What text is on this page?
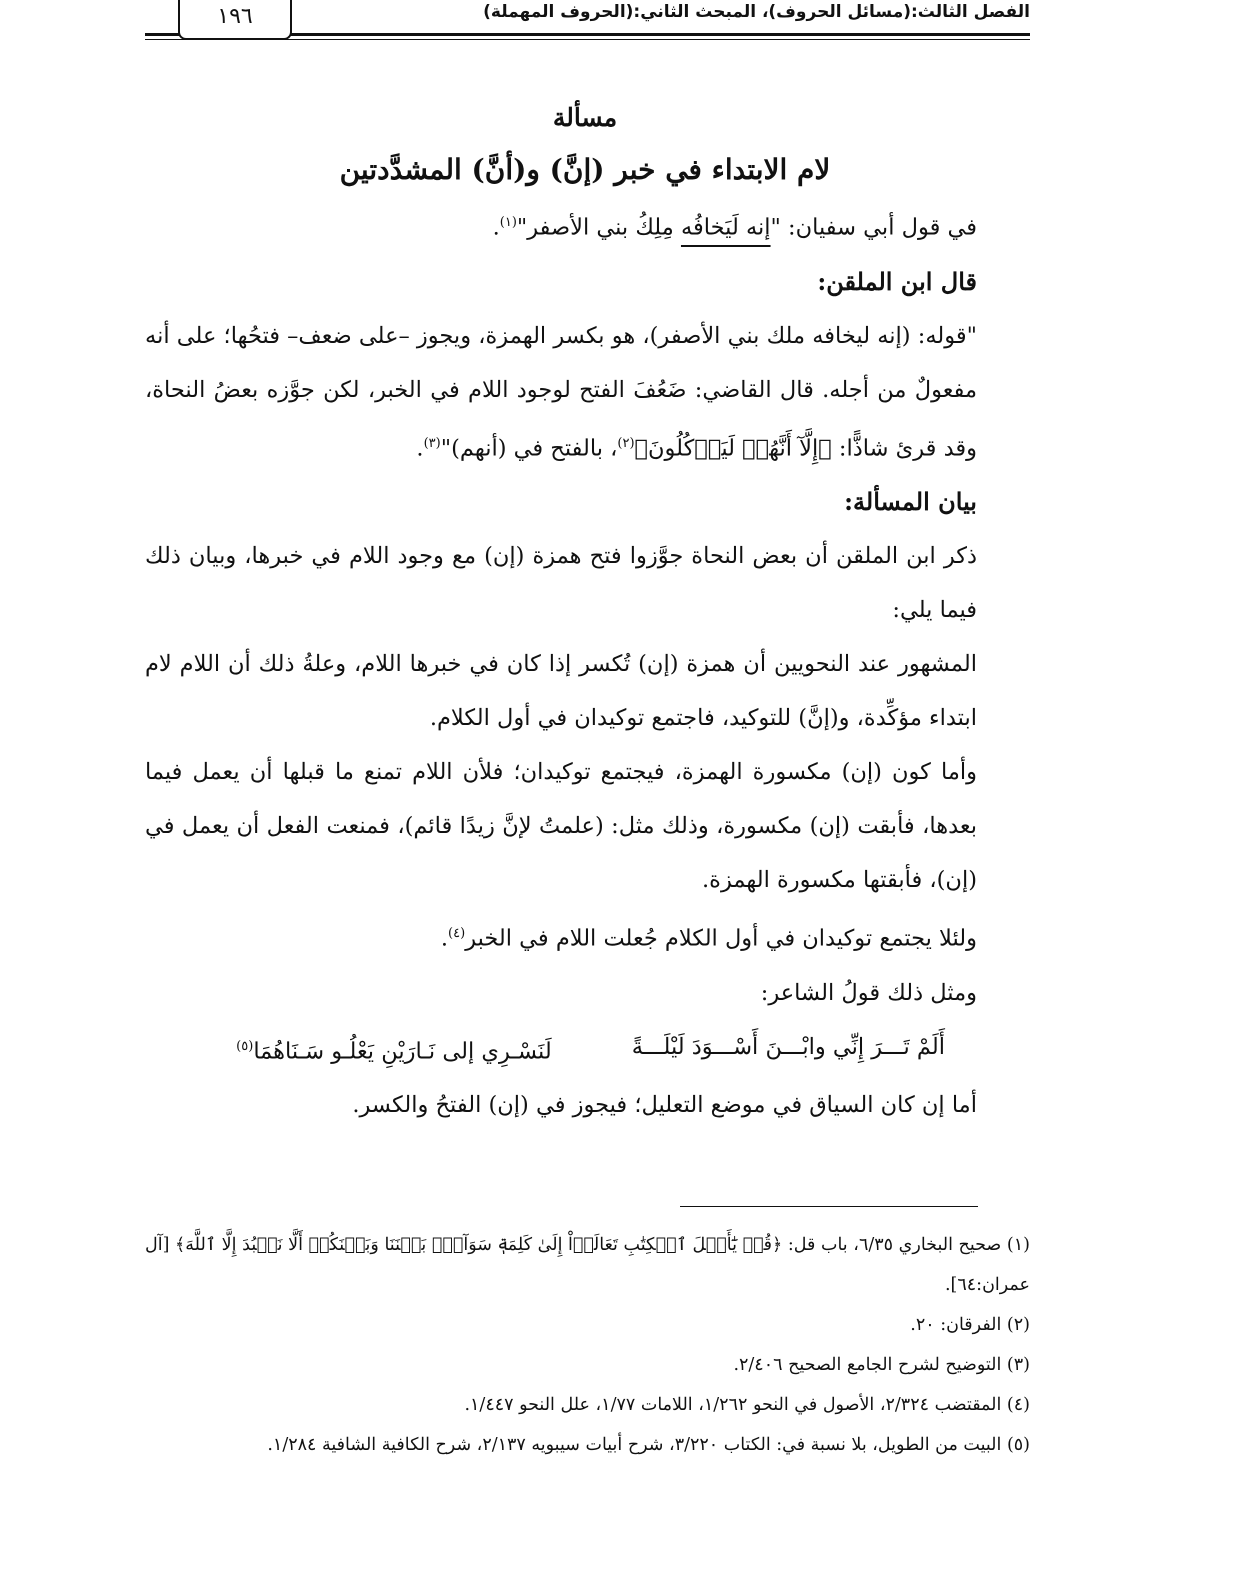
الفصل الثالث:(مسائل الحروف)، المبحث الثاني:(الحروف المهملة)
١٩٦
مسألة
لام الابتداء في خبر (إنَّ) و(أنَّ) المشدَّدتين

في قول أبي سفيان: "إنه لَيَخافُه مِلِكُ بني الأصفر"$^{(١)}$.

قال ابن الملقن:

"قوله: (إنه ليخافه ملك بني الأصفر)، هو بكسر الهمزة، ويجوز –على ضعف– فتحُها؛ على أنه مفعولٌ من أجله. قال القاضي: ضَعُفَ الفتح لوجود اللام في الخبر، لكن جوَّزه بعضُ النحاة، وقد قرئ شاذًّا: ﴿إِلَّآ أَنَّهُمۡ لَيَأۡكُلُونَ﴾$^{(٢)}$، بالفتح في (أنهم)"$^{(٣)}$.

بيان المسألة:

ذكر ابن الملقن أن بعض النحاة جوَّزوا فتح همزة (إن) مع وجود اللام في خبرها، وبيان ذلك فيما يلي:

المشهور عند النحويين أن همزة (إن) تُكسر إذا كان في خبرها اللام، وعلةُ ذلك أن اللام لام ابتداء مؤكِّدة، و(إنَّ) للتوكيد، فاجتمع توكيدان في أول الكلام.

وأما كون (إن) مكسورة الهمزة، فيجتمع توكيدان؛ فلأن اللام تمنع ما قبلها أن يعمل فيما بعدها، فأبقت (إن) مكسورة، وذلك مثل: (علمتُ لإنَّ زيدًا قائم)، فمنعت الفعل أن يعمل في (إن)، فأبقتها مكسورة الهمزة.

ولئلا يجتمع توكيدان في أول الكلام جُعلت اللام في الخبر$^{(٤)}$.

ومثل ذلك قولُ الشاعر:

أَلَمْ تَـــرَ إِنِّي وابْـــنَ أَسْـــوَدَ لَيْلَـــةً
لَنَسْـرِي إلى نَـارَيْنِ يَعْلُـو سَـنَاهُمَا$^{(٥)}$

أما إن كان السياق في موضع التعليل؛ فيجوز في (إن) الفتحُ والكسر.

(١) صحيح البخاري ٦/٣٥، باب قل: ﴿قُلۡ يَٰٓأَهۡلَ ٱلۡكِتَٰبِ تَعَالَوۡاْ إِلَىٰ كَلِمَةٖ سَوَآءِۭ بَيۡنَنَا وَبَيۡنَكُمۡ أَلَّا نَعۡبُدَ إِلَّا ٱللَّهَ﴾ [آل عمران:٦٤].

(٢) الفرقان: ٢٠.

(٣) التوضيح لشرح الجامع الصحيح ٢/٤٠٦.

(٤) المقتضب ٢/٣٢٤، الأصول في النحو ١/٢٦٢، اللامات ١/٧٧، علل النحو ١/٤٤٧.

(٥) البيت من الطويل، بلا نسبة في: الكتاب ٣/٢٢٠، شرح أبيات سيبويه ٢/١٣٧، شرح الكافية الشافية ١/٢٨٤.
